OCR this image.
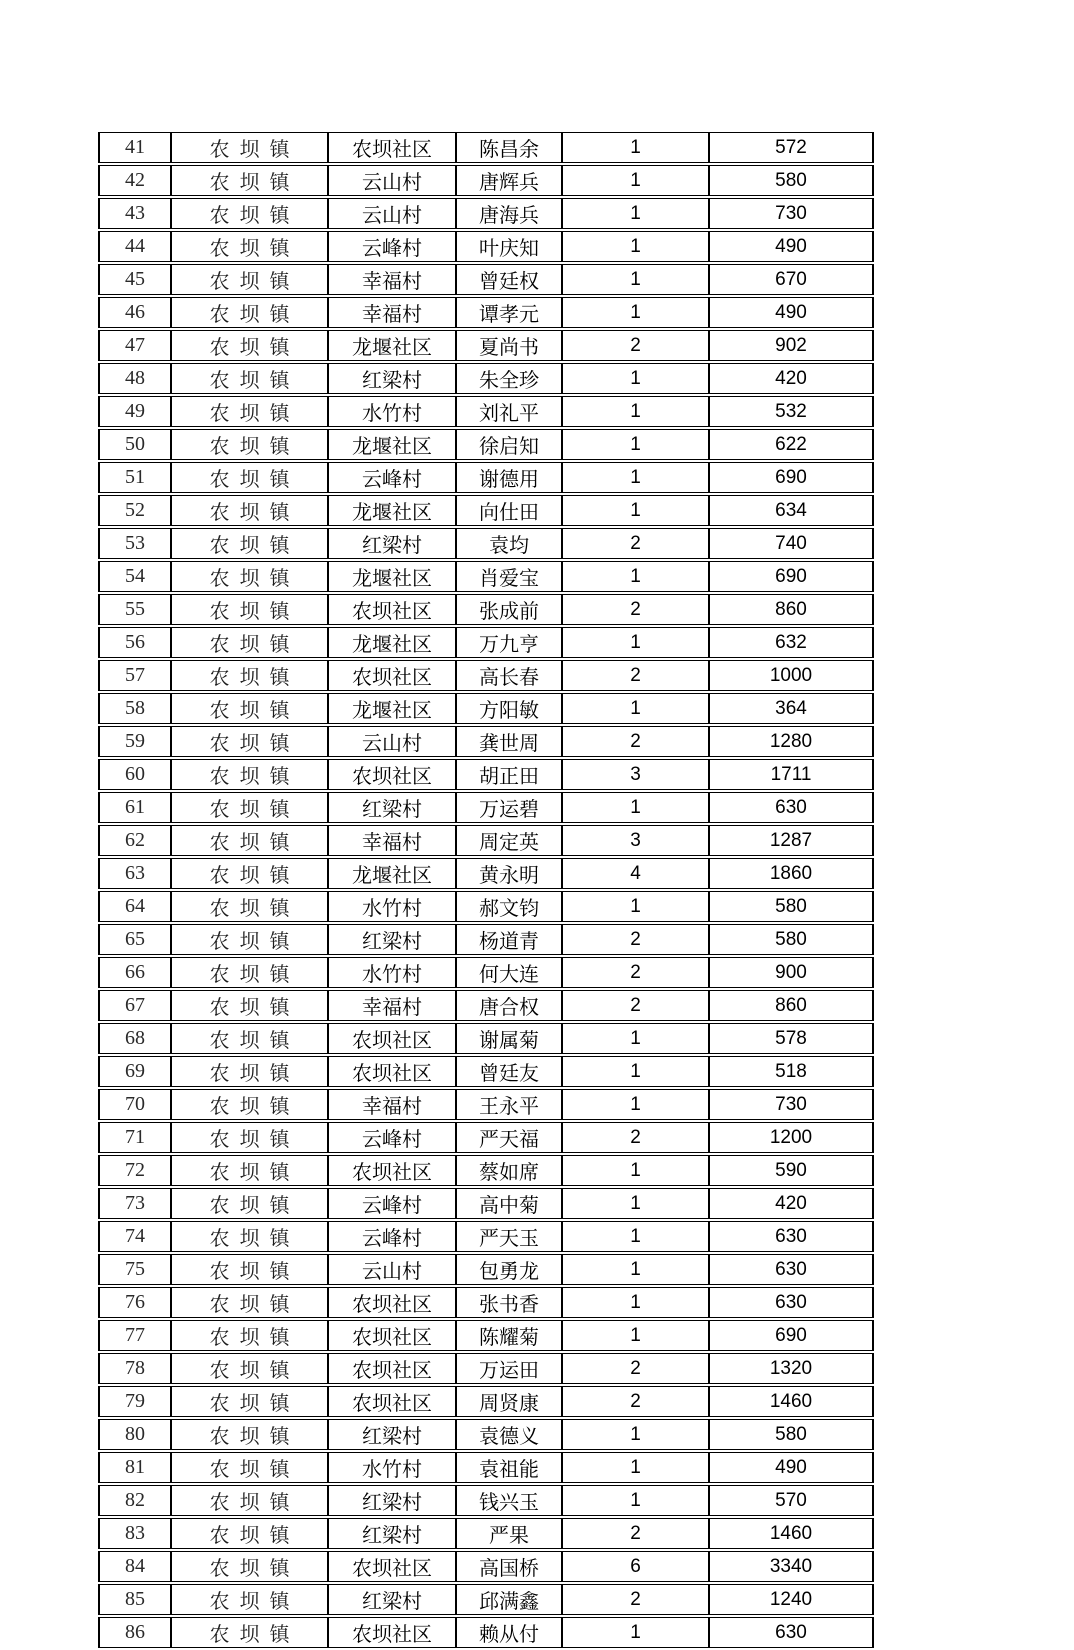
41	农坝镇	农坝社区	陈昌余	1	572
42	农坝镇	云山村	唐辉兵	1	580
43	农坝镇	云山村	唐海兵	1	730
44	农坝镇	云峰村	叶庆知	1	490
45	农坝镇	幸福村	曾廷权	1	670
46	农坝镇	幸福村	谭孝元	1	490
47	农坝镇	龙堰社区	夏尚书	2	902
48	农坝镇	红梁村	朱全珍	1	420
49	农坝镇	水竹村	刘礼平	1	532
50	农坝镇	龙堰社区	徐启知	1	622
51	农坝镇	云峰村	谢德用	1	690
52	农坝镇	龙堰社区	向仕田	1	634
53	农坝镇	红梁村	袁均	2	740
54	农坝镇	龙堰社区	肖爱宝	1	690
55	农坝镇	农坝社区	张成前	2	860
56	农坝镇	龙堰社区	万九亨	1	632
57	农坝镇	农坝社区	高长春	2	1000
58	农坝镇	龙堰社区	方阳敏	1	364
59	农坝镇	云山村	龚世周	2	1280
60	农坝镇	农坝社区	胡正田	3	1711
61	农坝镇	红梁村	万运碧	1	630
62	农坝镇	幸福村	周定英	3	1287
63	农坝镇	龙堰社区	黄永明	4	1860
64	农坝镇	水竹村	郝文钧	1	580
65	农坝镇	红梁村	杨道青	2	580
66	农坝镇	水竹村	何大连	2	900
67	农坝镇	幸福村	唐合权	2	860
68	农坝镇	农坝社区	谢属菊	1	578
69	农坝镇	农坝社区	曾廷友	1	518
70	农坝镇	幸福村	王永平	1	730
71	农坝镇	云峰村	严天福	2	1200
72	农坝镇	农坝社区	蔡如席	1	590
73	农坝镇	云峰村	高中菊	1	420
74	农坝镇	云峰村	严天玉	1	630
75	农坝镇	云山村	包勇龙	1	630
76	农坝镇	农坝社区	张书香	1	630
77	农坝镇	农坝社区	陈耀菊	1	690
78	农坝镇	农坝社区	万运田	2	1320
79	农坝镇	农坝社区	周贤康	2	1460
80	农坝镇	红梁村	袁德义	1	580
81	农坝镇	水竹村	袁祖能	1	490
82	农坝镇	红梁村	钱兴玉	1	570
83	农坝镇	红梁村	严果	2	1460
84	农坝镇	农坝社区	高国桥	6	3340
85	农坝镇	红梁村	邱满鑫	2	1240
86	农坝镇	农坝社区	赖从付	1	630
